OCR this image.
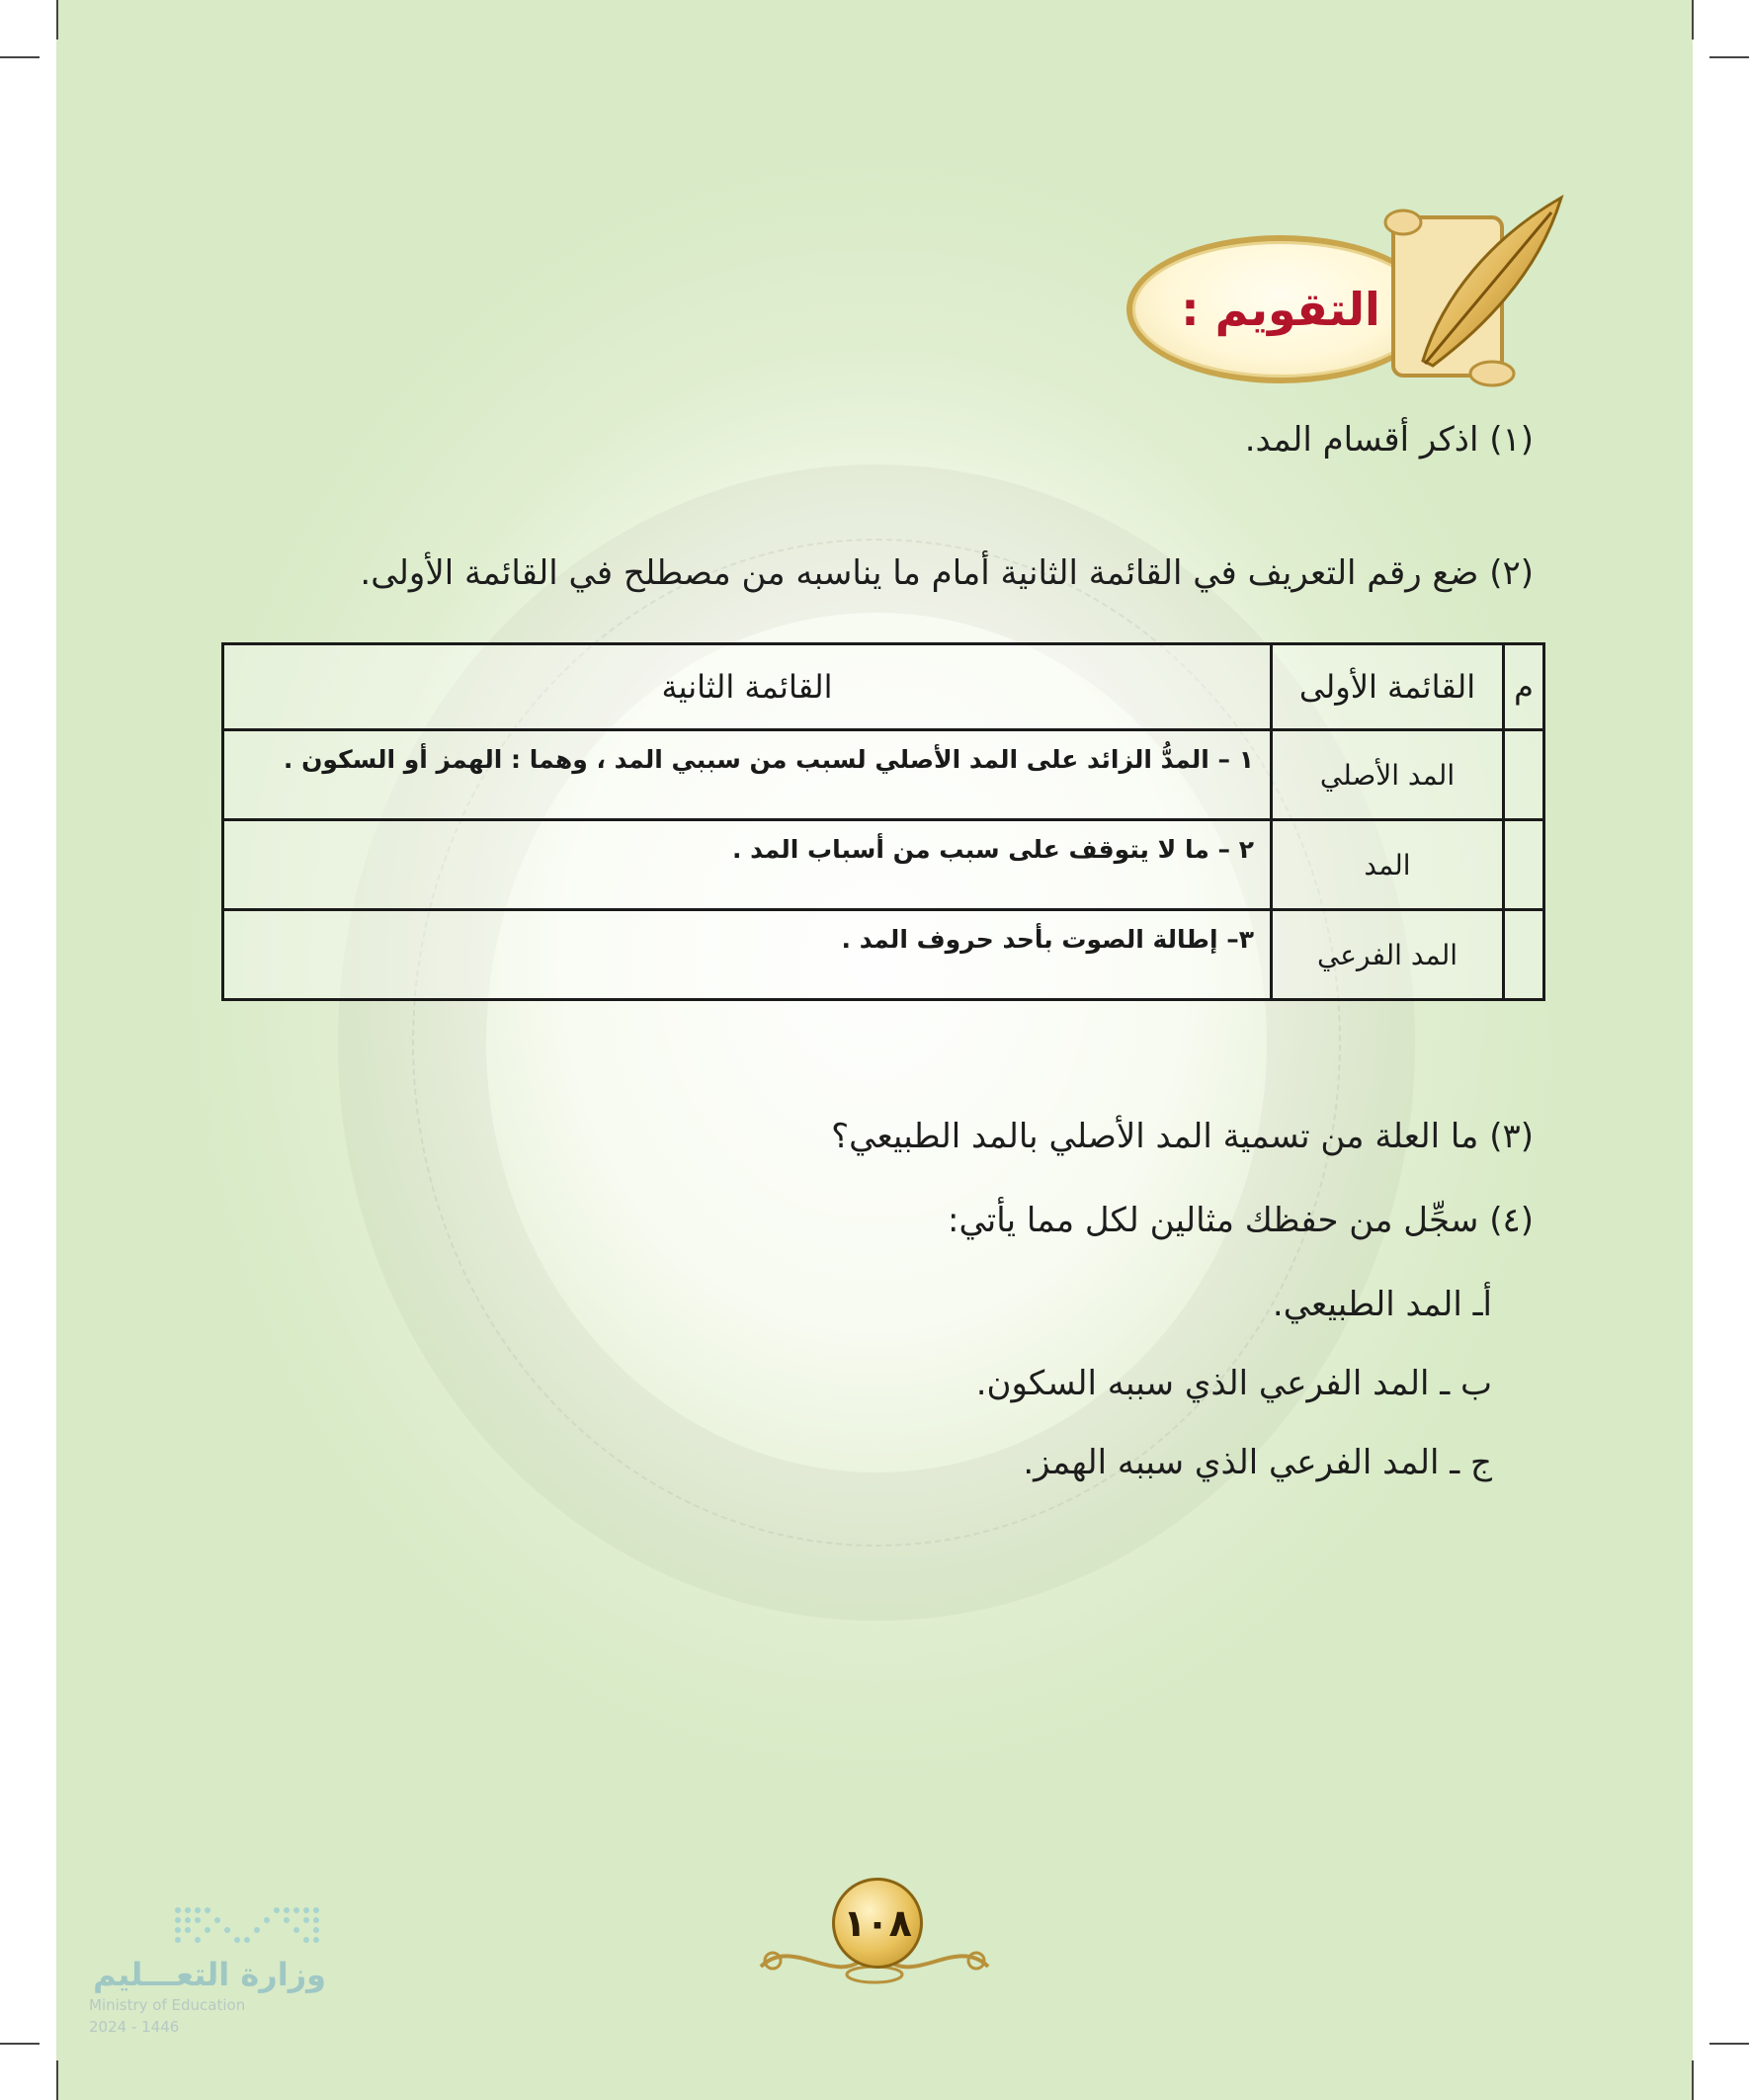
التقويم :
(١) اذكر أقسام المد.
(٢) ضع رقم التعريف في القائمة الثانية أمام ما يناسبه من مصطلح في القائمة الأولى.
م	القائمة الأولى	القائمة الثانية
	المد الأصلي	١ – المدُّ الزائد على المد الأصلي لسبب من سببي المد ، وهما : الهمز أو السكون .
	المد	٢ – ما لا يتوقف على سبب من أسباب المد .
	المد الفرعي	٣– إطالة الصوت بأحد حروف المد .
(٣) ما العلة من تسمية المد الأصلي بالمد الطبيعي؟
(٤) سجِّل من حفظك مثالين لكل مما يأتي:
أـ المد الطبيعي.
ب ـ المد الفرعي الذي سببه السكون.
ج ـ المد الفرعي الذي سببه الهمز.
١٠٨
وزارة التعـــليم
Ministry of Education
2024 - 1446
